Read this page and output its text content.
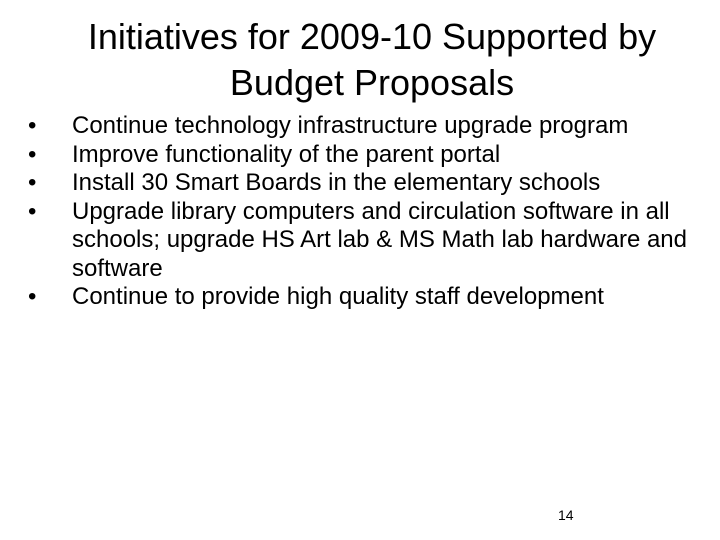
Initiatives for 2009-10 Supported by Budget Proposals
•	Continue technology infrastructure upgrade program
•	Improve functionality of the parent portal
•	Install 30 Smart Boards in the elementary schools
•	Upgrade library computers and circulation software in all schools; upgrade HS Art lab & MS Math lab hardware and software
•	Continue to provide high quality staff development
14
